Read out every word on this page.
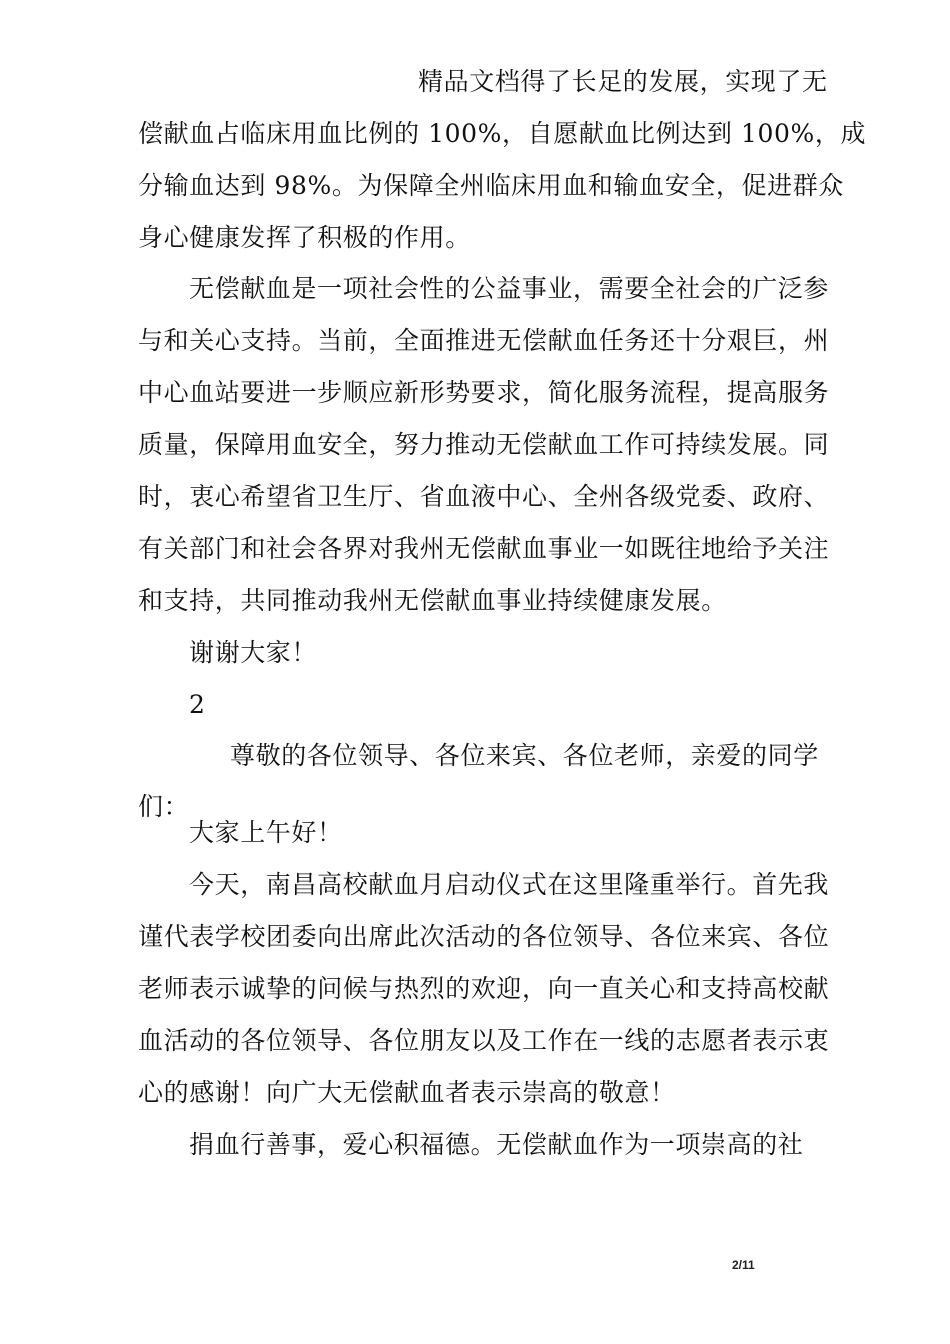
精品文档得了长足的发展，实现了无
偿献血占临床用血比例的 100%，自愿献血比例达到 100%，成
分输血达到 98%。为保障全州临床用血和输血安全，促进群众
身心健康发挥了积极的作用。
无偿献血是一项社会性的公益事业，需要全社会的广泛参
与和关心支持。当前，全面推进无偿献血任务还十分艰巨，州
中心血站要进一步顺应新形势要求，简化服务流程，提高服务
质量，保障用血安全，努力推动无偿献血工作可持续发展。同
时，衷心希望省卫生厅、省血液中心、全州各级党委、政府、
有关部门和社会各界对我州无偿献血事业一如既往地给予关注
和支持，共同推动我州无偿献血事业持续健康发展。
谢谢大家！
2
尊敬的各位领导、各位来宾、各位老师，亲爱的同学
们：
大家上午好！
今天，南昌高校献血月启动仪式在这里隆重举行。首先我
谨代表学校团委向出席此次活动的各位领导、各位来宾、各位
老师表示诚挚的问候与热烈的欢迎，向一直关心和支持高校献
血活动的各位领导、各位朋友以及工作在一线的志愿者表示衷
心的感谢！向广大无偿献血者表示崇高的敬意！
捐血行善事，爱心积福德。无偿献血作为一项崇高的社
2/11
